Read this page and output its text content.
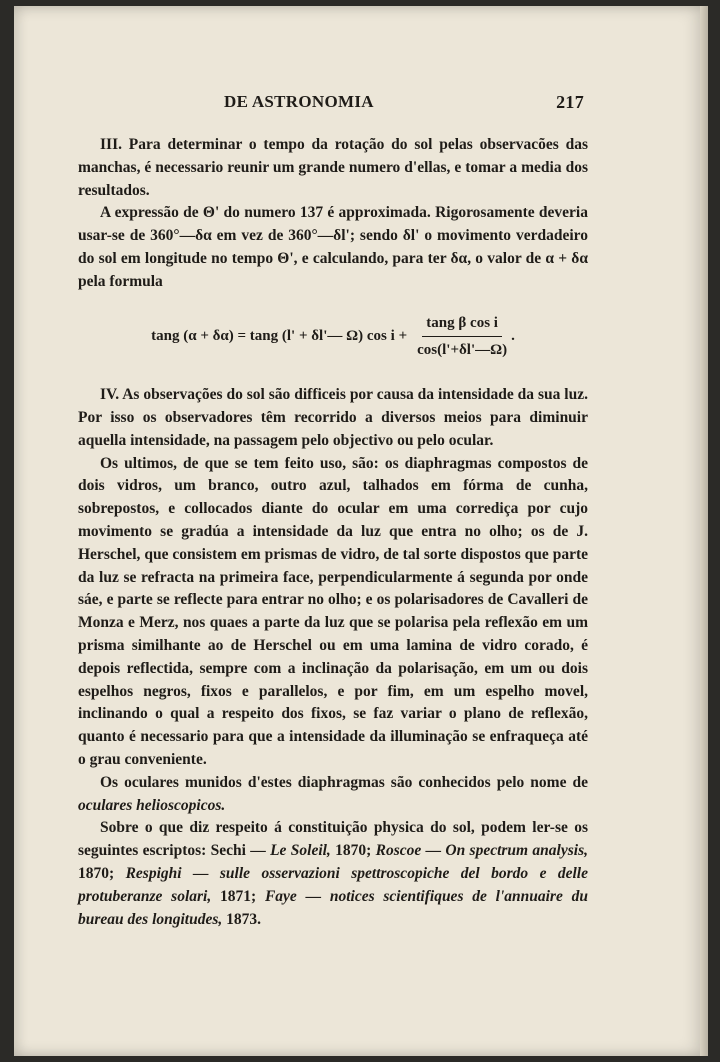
DE ASTRONOMIA	217

III. Para determinar o tempo da rotação do sol pelas observacões das manchas, é necessario reunir um grande numero d'ellas, e tomar a media dos resultados.

A expressão de Θ' do numero 137 é approximada. Rigorosamente deveria usar-se de 360°—δα em vez de 360°—δl'; sendo δl' o movimento verdadeiro do sol em longitude no tempo Θ', e calculando, para ter δα, o valor de α + δα pela formula

tang (α + δα) = tang (l' + δl'— Ω) $\cos i + \frac{\text{tang β cos i}}{\cos(l'+\delta l'—\Omega)}$ .

IV. As observações do sol são difficeis por causa da intensidade da sua luz. Por isso os observadores têm recorrido a diversos meios para diminuir aquella intensidade, na passagem pelo objectivo ou pelo ocular.

Os ultimos, de que se tem feito uso, são: os diaphragmas compostos de dois vidros, um branco, outro azul, talhados em fórma de cunha, sobrepostos, e collocados diante do ocular em uma corrediça por cujo movimento se gradúa a intensidade da luz que entra no olho; os de J. Herschel, que consistem em prismas de vidro, de tal sorte dispostos que parte da luz se refracta na primeira face, perpendicularmente á segunda por onde sáe, e parte se reflecte para entrar no olho; e os polarisadores de Cavalleri de Monza e Merz, nos quaes a parte da luz que se polarisa pela reflexão em um prisma similhante ao de Herschel ou em uma lamina de vidro corado, é depois reflectida, sempre com a inclinação da polarisação, em um ou dois espelhos negros, fixos e parallelos, e por fim, em um espelho movel, inclinando o qual a respeito dos fixos, se faz variar o plano de reflexão, quanto é necessario para que a intensidade da illuminação se enfraqueça até o grau conveniente.

Os oculares munidos d'estes diaphragmas são conhecidos pelo nome de oculares helioscopicos.

Sobre o que diz respeito á constituição physica do sol, podem ler-se os seguintes escriptos: Sechi — Le Soleil, 1870; Roscoe — On spectrum analysis, 1870; Respighi — sulle osservazioni spettroscopiche del bordo e delle protuberanze solari, 1871; Faye — notices scientifiques de l'annuaire du bureau des longitudes, 1873.
